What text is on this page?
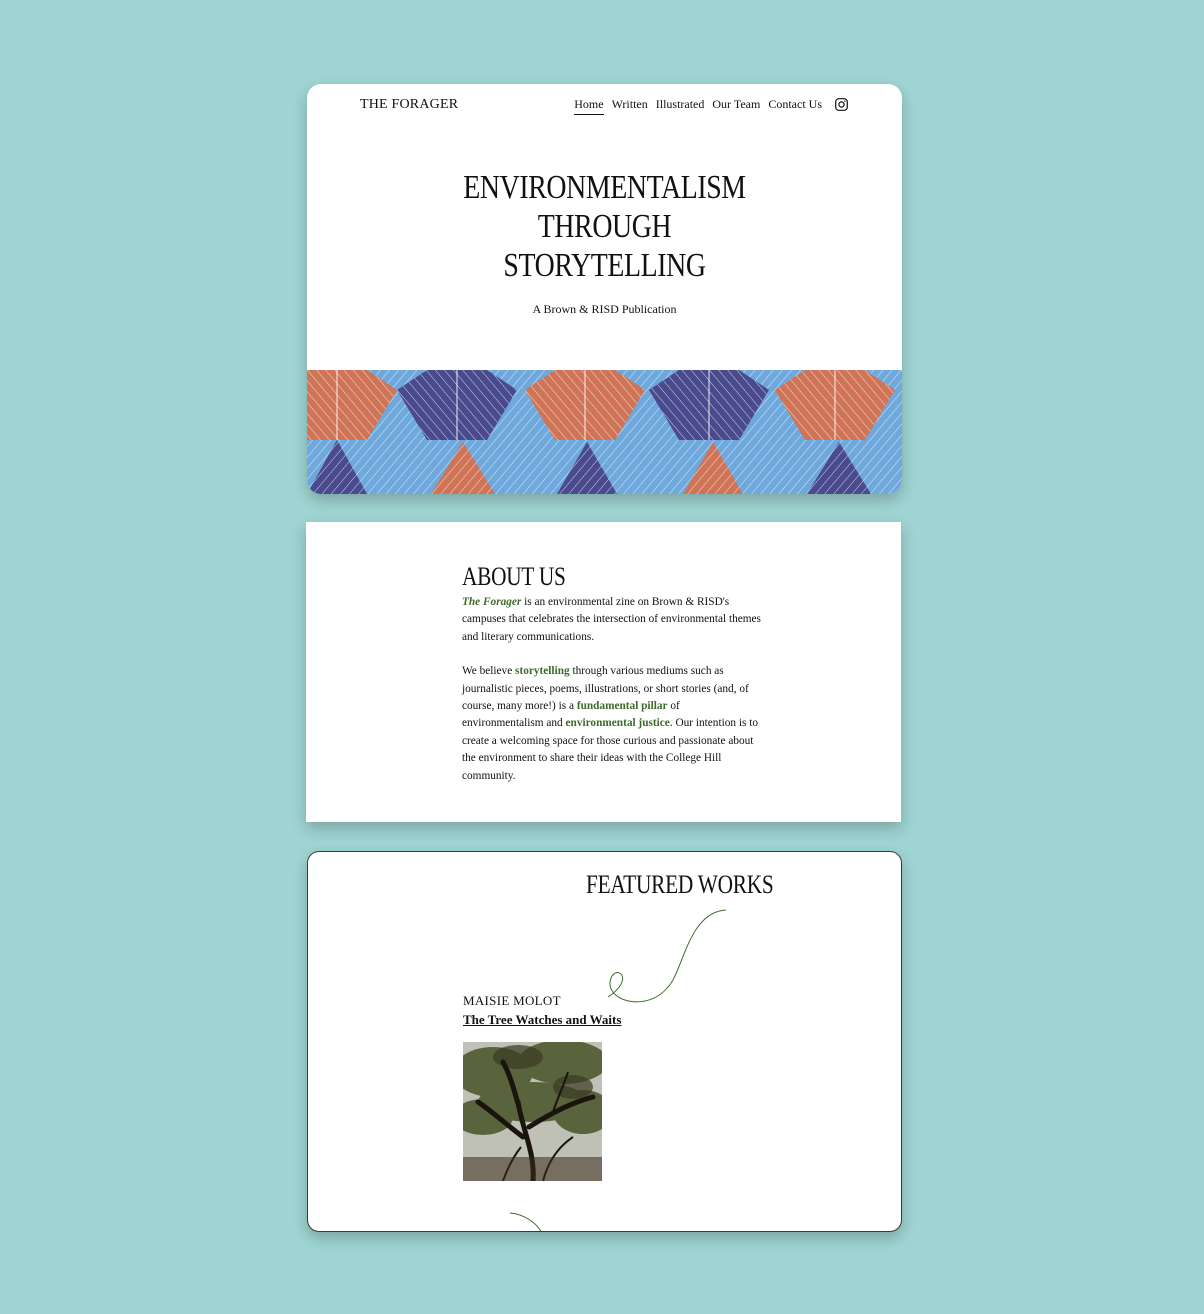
THE FORAGER	Home Written Illustrated Our Team Contact Us
ENVIRONMENTALISM
THROUGH
STORYTELLING
A Brown & RISD Publication
ABOUT US

The Forager is an environmental zine on Brown & RISD's campuses that celebrates the intersection of environmental themes and literary communications.

We believe storytelling through various mediums such as journalistic pieces, poems, illustrations, or short stories (and, of course, many more!) is a fundamental pillar of environmentalism and environmental justice. Our intention is to create a welcoming space for those curious and passionate about the environment to share their ideas with the College Hill community.

FEATURED WORKS
MAISIE MOLOT
The Tree Watches and Waits
